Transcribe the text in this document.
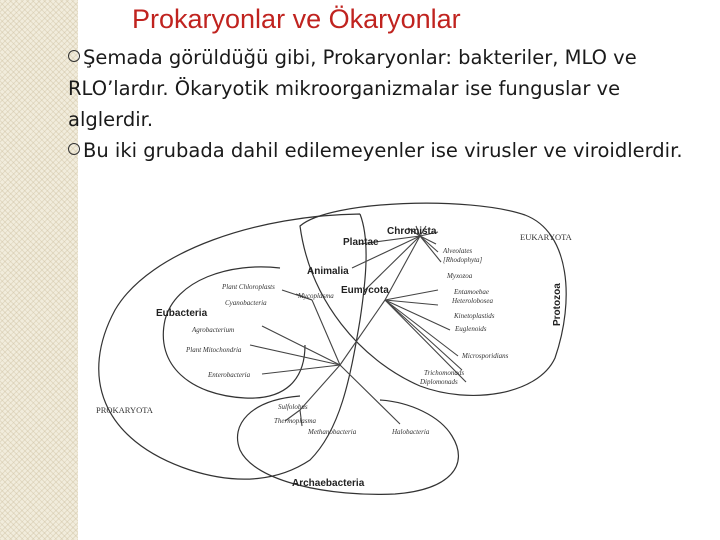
Prokaryonlar ve Ökaryonlar

Şemada görüldüğü gibi, Prokaryonlar: bakteriler, MLO ve RLO’lardır. Ökaryotik mikroorganizmalar ise funguslar ve alglerdir.

Bu iki grubada dahil edilemeyenler ise virusler ve viroidlerdir.

EUKARYOTA
PROKARYOTA
Eubacteria
Archaebacteria
Chromista
Plantae
Animalia
Eumycota	Protozoa
Alveolates
[Rhodophyta]
Myxozoa
Entamoebae
Heterolobosea
Kinetoplastids
Euglenoids
Microsporidians
Trichomonads
Diplomonads
Plant Chloroplasts
Cyanobacteria
Mycoplasma
Agrobacterium
Plant Mitochondria
Enterobacteria
Sulfolobus
Thermoplasma
Methanobacteria	Halobacteria
